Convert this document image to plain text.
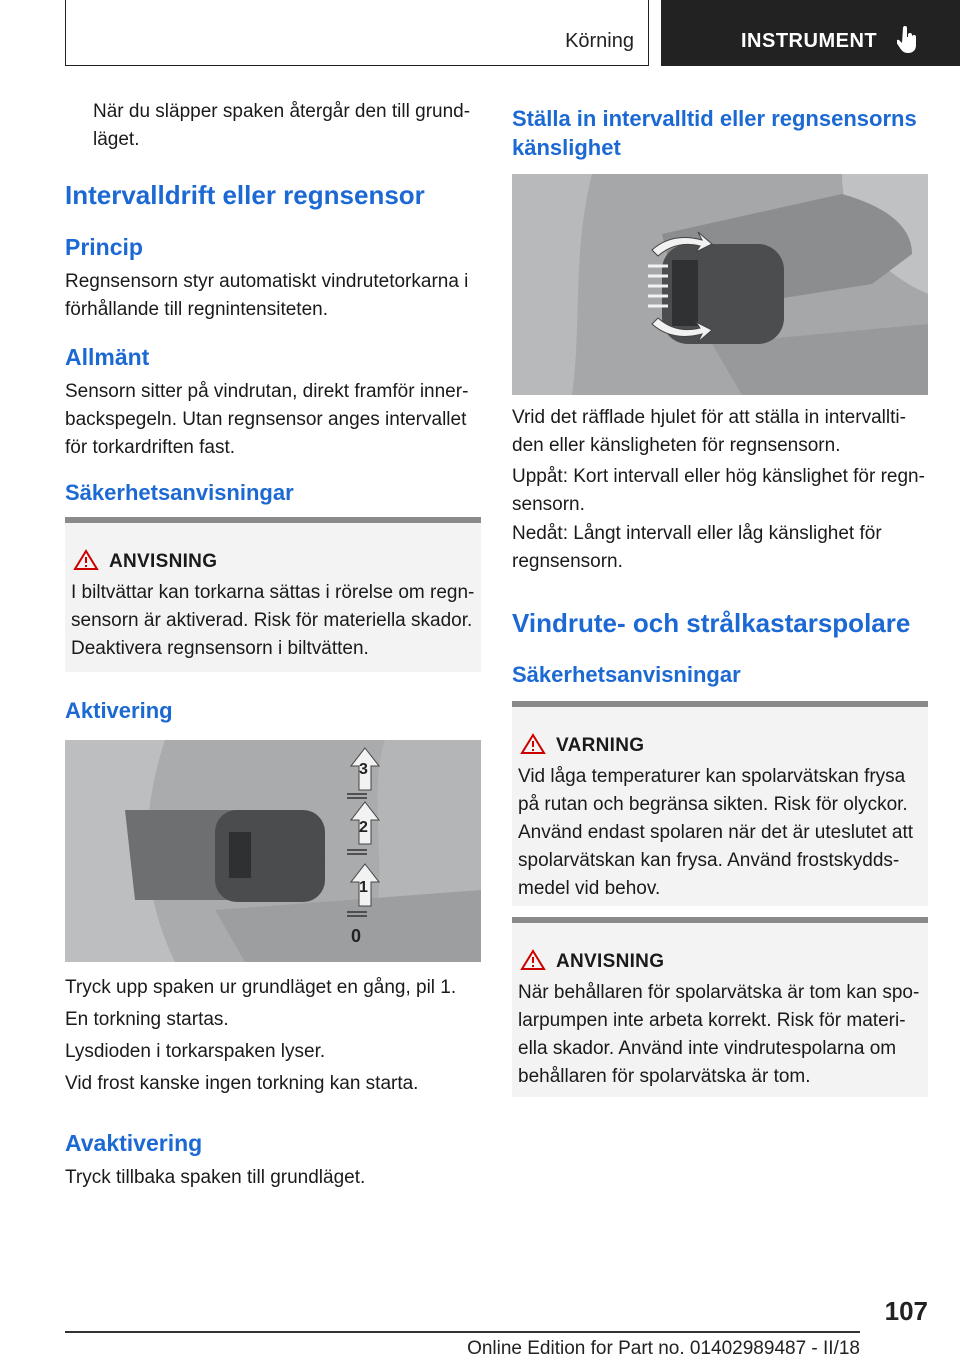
Körning	INSTRUMENT
När du släpper spaken återgår den till grund-
läget.
Intervalldrift eller regnsensor
Princip
Regnsensorn styr automatiskt vindrutetorkarna i förhållande till regnintensiteten.
Allmänt
Sensorn sitter på vindrutan, direkt framför inner-backspegeln. Utan regnsensor anges intervallet för torkardriften fast.
Säkerhetsanvisningar
ANVISNING
I biltvättar kan torkarna sättas i rörelse om regn-sensorn är aktiverad. Risk för materiella skador. Deaktivera regnsensorn i biltvätten.
Aktivering
3
2
1
0
Tryck upp spaken ur grundläget en gång, pil 1.
En torkning startas.
Lysdioden i torkarspaken lyser.
Vid frost kanske ingen torkning kan starta.
Avaktivering
Tryck tillbaka spaken till grundläget.
Ställa in intervalltid eller regnsensorns känslighet
Vrid det räfflade hjulet för att ställa in intervallti-den eller känsligheten för regnsensorn.
Uppåt: Kort intervall eller hög känslighet för regn-sensorn.
Nedåt: Långt intervall eller låg känslighet för regnsensorn.
Vindrute- och strålkastarspolare
Säkerhetsanvisningar
VARNING
Vid låga temperaturer kan spolarvätskan frysa på rutan och begränsa sikten. Risk för olyckor. Använd endast spolaren när det är uteslutet att spolarvätskan kan frysa. Använd frostskydds-medel vid behov.
ANVISNING
När behållaren för spolarvätska är tom kan spo-larpumpen inte arbeta korrekt. Risk för materi-ella skador. Använd inte vindrutespolarna om behållaren för spolarvätska är tom.
107
Online Edition for Part no. 01402989487 - II/18
